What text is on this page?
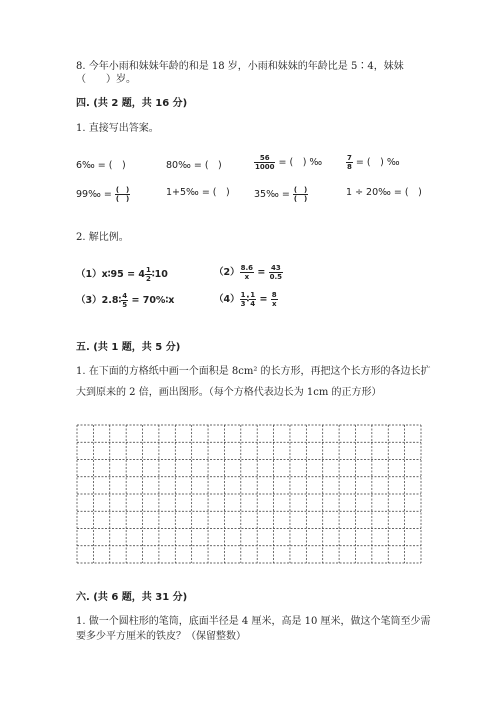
8. 今年小雨和妹妹年龄的和是 18 岁，小雨和妹妹的年龄比是 5∶4，妹妹
（　　）岁。
四. (共 2 题，共 16 分)
1. 直接写出答案。
6‰ = (　)	80‰ = (　)	$\frac{56}{1000}$ = (　) ‰	$\frac{7}{8}$ = (　) ‰
99‰ = $\frac{( )}{( )}$	1+5‰ = (　)	35‰ = $\frac{( )}{( )}$	1 ÷ 20‰ = (　)
2. 解比例。
（1）x∶95 = $4 \frac{1}{2}$ ∶10	$(2) \frac{8.6}{x} = \frac{43}{0.5}$
（3）2.8∶ $\frac{4}{5}$ = 70%∶x	$(4) \frac{1}{3}$ ∶ $\frac{1}{4} = \frac{8}{x}$
五. (共 1 题，共 5 分)
1. 在下面的方格纸中画一个面积是 8cm² 的长方形，再把这个长方形的各边长扩
大到原来的 2 倍，画出图形。（每个方格代表边长为 1cm 的正方形）
六. (共 6 题，共 31 分)
1. 做一个圆柱形的笔筒，底面半径是 4 厘米，高是 10 厘米，做这个笔筒至少需
要多少平方厘米的铁皮？（保留整数）
